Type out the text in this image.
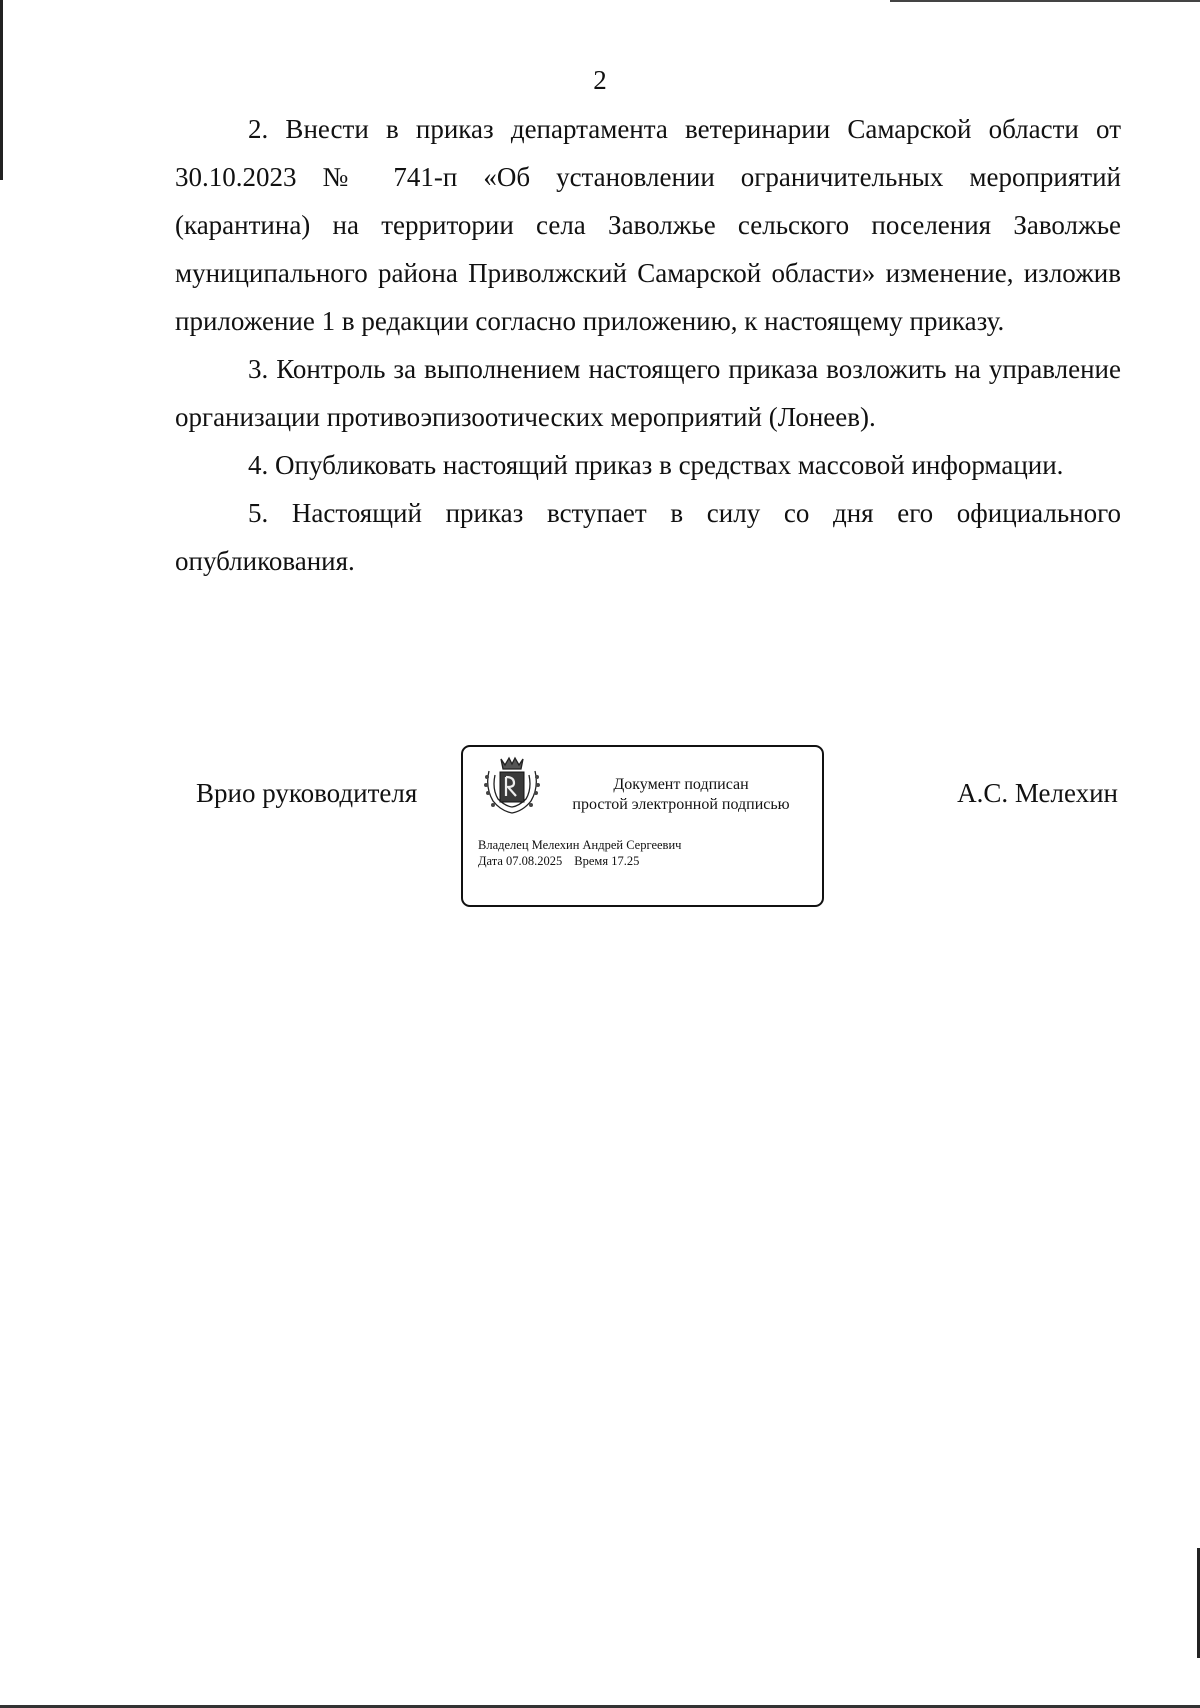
2

2. Внести в приказ департамента ветеринарии Самарской области от 30.10.2023 № 741-п «Об установлении ограничительных мероприятий (карантина) на территории села Заволжье сельского поселения Заволжье муниципального района Приволжский Самарской области» изменение, изложив приложение 1 в редакции согласно приложению, к настоящему приказу.

3. Контроль за выполнением настоящего приказа возложить на управление организации противоэпизоотических мероприятий (Лонеев).

4. Опубликовать настоящий приказ в средствах массовой информации.

5. Настоящий приказ вступает в силу со дня его официального опубликования.

Врио руководителя	Документ подписан
простой электронной подписью
Владелец Мелехин Андрей Сергеевич
Дата 07.08.2025 Время 17.25
А.С. Мелехин
